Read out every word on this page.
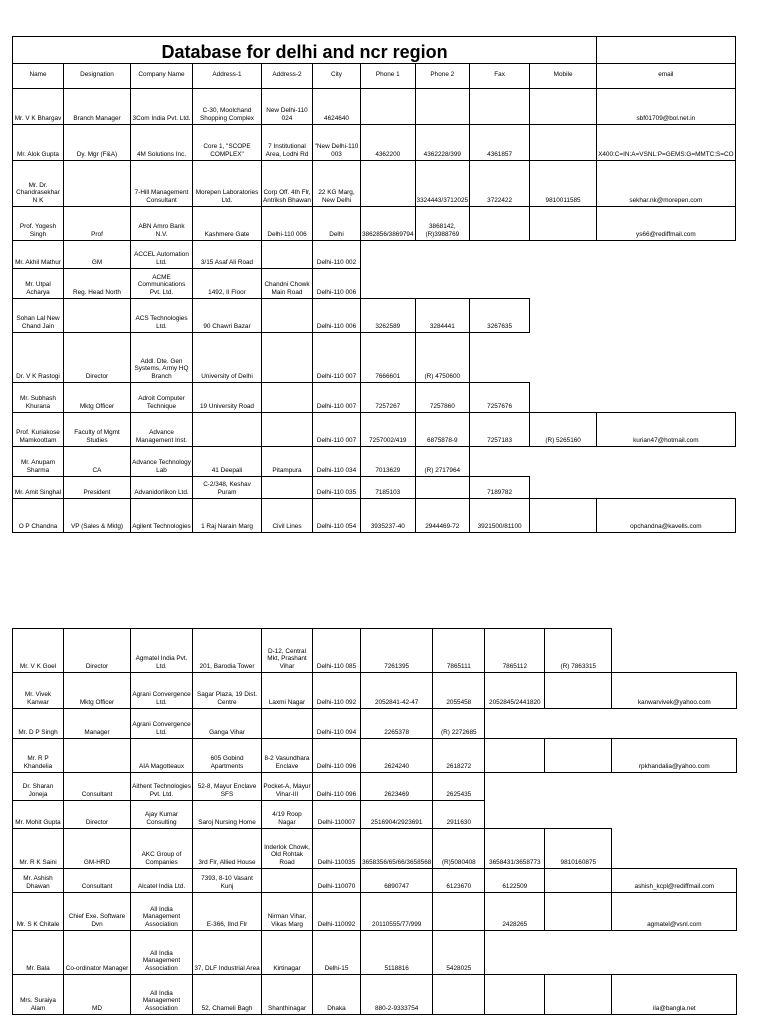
Database for delhi and ncr region										
Name	Designation	Company Name	Address-1	Address-2	City	Phone 1	Phone 2	Fax	Mobile	email
Mr. V K Bhargav	Branch Manager	3Com India Pvt. Ltd.	C-30, Moolchand Shopping Complex	New Delhi-110 024	4624640					sbf01709@bol.net.in
Mr. Alok Gupta	Dy. Mgr (F&A)	4M Solutions Inc.	Core 1, "SCOPE COMPLEX"	7 Institutional Area, Lodhi Rd	"New Delhi-110 003	4362200	4362228/399	4361857		X400:C=IN:A=VSNL:P=GEMS:G=MMTC:S=CO
Mr. Dr. Chandrasekhar N K		7-Hill Management Consultant	Morepen Laboratories Ltd.	Corp Off. 4th Flr, Antriksh Bhawan	22 KG Marg, New Delhi		3324443/3712025	3722422	9810011585	sekhar.nk@morepen.com
Prof. Yogesh Singh	Prof	ABN Amro Bank N.V.	Kashmere Gate	Delhi-110 006	Delhi	3862856/3869794	3868142, (R)3988769			ys66@rediffmail.com
Mr. Akhil Mathur	GM	ACCEL Automation Ltd.	3/15 Asaf Ali Road		Delhi-110 002					
Mr. Utpal Acharya	Reg. Head North	ACME Communications Pvt. Ltd.	1492, II Floor	Chandni Chowk Main Road	Delhi-110 006					
Sohan Lal New Chand Jain		ACS Technologies Ltd.	90 Chawri Bazar		Delhi-110 006	3262589	3284441	3267635		
Dr. V K Rastogi	Director	Addl. Dte. Gen Systems, Army HQ Branch	University of Delhi		Delhi-110 007	7666601	(R) 4750600			
Mr. Subhash Khurana	Mktg Officer	Adroit Computer Technique	19 University Road		Delhi-110 007	7257267	7257860	7257676		
Prof. Kuriakose Mamkoottam	Faculty of Mgmt Studies	Advance Management Inst.			Delhi-110 007	7257002/419	6875878-9	7257183	(R) 5265160	kurian47@hotmail.com
Mr. Anupam Sharma	CA	Advance Technology Lab	41 Deepali	Pitampura	Delhi-110 034	7013629	(R) 2717964			
Mr. Amit Singhal	President	Advanidorlikon Ltd.	C-2/348, Keshav Puram		Delhi-110 035	7185103		7189782		
O P Chandna	VP (Sales & Mktg)	Agilent Technologies	1 Raj Narain Marg	Civil Lines	Delhi-110 054	3935237-40	2944469-72	3921500/81100		opchandna@kavells.com
Mr. V K Goel	Director	Agmatel India Pvt. Ltd.	201, Barodia Tower	D-12, Central Mkt, Prashant Vihar	Delhi-110 085	7261395	7865111	7865112	(R) 7863315	
Mr. Vivek Kanwar	Mktg Officer	Agrani Convergence Ltd.	Sagar Plaza, 19 Dist. Centre	Laxmi Nagar	Delhi-110 092	2052841-42-47	2055458	2052845/2441820		kanwarvivek@yahoo.com
Mr. D P Singh	Manager	Agrani Convergence Ltd.	Ganga Vihar		Delhi-110 094	2265378	(R) 2272685			
Mr. R P Khandelia		AIA Magotteaux	605 Gobind Apartments	8-2 Vasundhara Enclave	Delhi-110 096	2624240	2618272			rpkhandalia@yahoo.com
Dr. Sharan Joneja	Consultant	Aithent Technologies Pvt. Ltd.	52-8, Mayur Enclave SFS	Pocket-A, Mayur Vihar-III	Delhi-110 096	2623469	2625435			
Mr. Mohit Gupta	Director	Ajay Kumar Consulting	Saroj Nursing Home	4/19 Roop Nagar	Delhi-110007	2516904/2923691	2911630			
Mr. R K Saini	GM-HRD	AKC Group of Companies	3rd Flr, Allied House	Inderlok Chowk, Old Rohtak Road	Delhi-110035	3658356/65/66/3658568	(R)5080408	3658431/3658773	9810160875	
Mr. Ashish Dhawan	Consultant	Alcatel India Ltd.	7393, 8-10 Vasant Kunj		Delhi-110070	6890747	6123670	6122509		ashish_kcpl@rediffmail.com
Mr. S K Chitale	Chief Exe. Software Dvn	All India Management Association	E-366, IInd Flr	Nirman Vihar, Vikas Marg	Delhi-110092	20110555/77/999		2428265		agmatel@vsnl.com
Mr. Bala	Co-ordinator Manager	All India Management Association	37, DLF Industrial Area	Kirtinagar	Delhi-15	5118816	5428025			
Mrs. Suraiya Alam	MD	All India Management Association	52, Chameli Bagh	Shanthinagar	Dhaka	880-2-9333754				ila@bangla.net
